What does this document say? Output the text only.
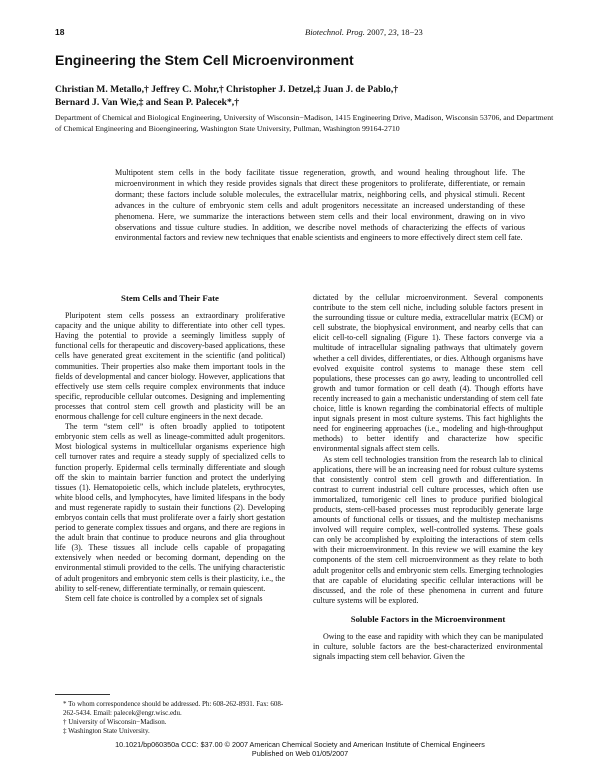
18	Biotechnol. Prog. 2007, 23, 18−23
Engineering the Stem Cell Microenvironment
Christian M. Metallo,† Jeffrey C. Mohr,† Christopher J. Detzel,‡ Juan J. de Pablo,†
Bernard J. Van Wie,‡ and Sean P. Palecek*,†
Department of Chemical and Biological Engineering, University of Wisconsin−Madison, 1415 Engineering Drive, Madison, Wisconsin 53706, and Department of Chemical Engineering and Bioengineering, Washington State University, Pullman, Washington 99164-2710
Multipotent stem cells in the body facilitate tissue regeneration, growth, and wound healing throughout life. The microenvironment in which they reside provides signals that direct these progenitors to proliferate, differentiate, or remain dormant; these factors include soluble molecules, the extracellular matrix, neighboring cells, and physical stimuli. Recent advances in the culture of embryonic stem cells and adult progenitors necessitate an increased understanding of these phenomena. Here, we summarize the interactions between stem cells and their local environment, drawing on in vivo observations and tissue culture studies. In addition, we describe novel methods of characterizing the effects of various environmental factors and review new techniques that enable scientists and engineers to more effectively direct stem cell fate.
Stem Cells and Their Fate

Pluripotent stem cells possess an extraordinary proliferative capacity and the unique ability to differentiate into other cell types. Having the potential to provide a seemingly limitless supply of functional cells for therapeutic and discovery-based applications, these cells have generated great excitement in the scientific (and political) communities. Their properties also make them important tools in the fields of developmental and cancer biology. However, applications that effectively use stem cells require complex environments that induce specific, reproducible cellular outcomes. Designing and implementing processes that control stem cell growth and plasticity will be an enormous challenge for cell culture engineers in the next decade.

The term “stem cell” is often broadly applied to totipotent embryonic stem cells as well as lineage-committed adult progenitors. Most biological systems in multicellular organisms experience high cell turnover rates and require a steady supply of specialized cells to function properly. Epidermal cells terminally differentiate and slough off the skin to maintain barrier function and protect the underlying tissues (1). Hematopoietic cells, which include platelets, erythrocytes, white blood cells, and lymphocytes, have limited lifespans in the body and must regenerate rapidly to sustain their functions (2). Developing embryos contain cells that must proliferate over a fairly short gestation period to generate complex tissues and organs, and there are regions in the adult brain that continue to produce neurons and glia throughout life (3). These tissues all include cells capable of propagating extensively when needed or becoming dormant, depending on the environmental stimuli provided to the cells. The unifying characteristic of adult progenitors and embryonic stem cells is their plasticity, i.e., the ability to self-renew, differentiate terminally, or remain quiescent.

Stem cell fate choice is controlled by a complex set of signals

dictated by the cellular microenvironment. Several components contribute to the stem cell niche, including soluble factors present in the surrounding tissue or culture media, extracellular matrix (ECM) or cell substrate, the biophysical environment, and nearby cells that can elicit cell-to-cell signaling (Figure 1). These factors converge via a multitude of intracellular signaling pathways that ultimately govern whether a cell divides, differentiates, or dies. Although organisms have evolved exquisite control systems to manage these stem cell populations, these processes can go awry, leading to uncontrolled cell growth and tumor formation or cell death (4). Though efforts have recently increased to gain a mechanistic understanding of stem cell fate choice, little is known regarding the combinatorial effects of multiple input signals present in most culture systems. This fact highlights the need for engineering approaches (i.e., modeling and high-throughput methods) to better identify and characterize how specific environmental signals affect stem cells.

As stem cell technologies transition from the research lab to clinical applications, there will be an increasing need for robust culture systems that consistently control stem cell growth and differentiation. In contrast to current industrial cell culture processes, which often use immortalized, tumorigenic cell lines to produce purified biological products, stem-cell-based processes must reproducibly generate large amounts of functional cells or tissues, and the multistep mechanisms involved will require complex, well-controlled systems. These goals can only be accomplished by exploiting the interactions of stem cells with their microenvironment. In this review we will examine the key components of the stem cell microenvironment as they relate to both adult progenitor cells and embryonic stem cells. Emerging technologies that are capable of elucidating specific cellular interactions will be discussed, and the role of these phenomena in current and future culture systems will be explored.

Soluble Factors in the Microenvironment

Owing to the ease and rapidity with which they can be manipulated in culture, soluble factors are the best-characterized environmental signals impacting stem cell behavior. Given the

* To whom correspondence should be addressed. Ph: 608-262-8931. Fax: 608-262-5434. Email: palecek@engr.wisc.edu.
† University of Wisconsin−Madison.
‡ Washington State University.
10.1021/bp060350a CCC: $37.00 © 2007 American Chemical Society and American Institute of Chemical Engineers
Published on Web 01/05/2007
